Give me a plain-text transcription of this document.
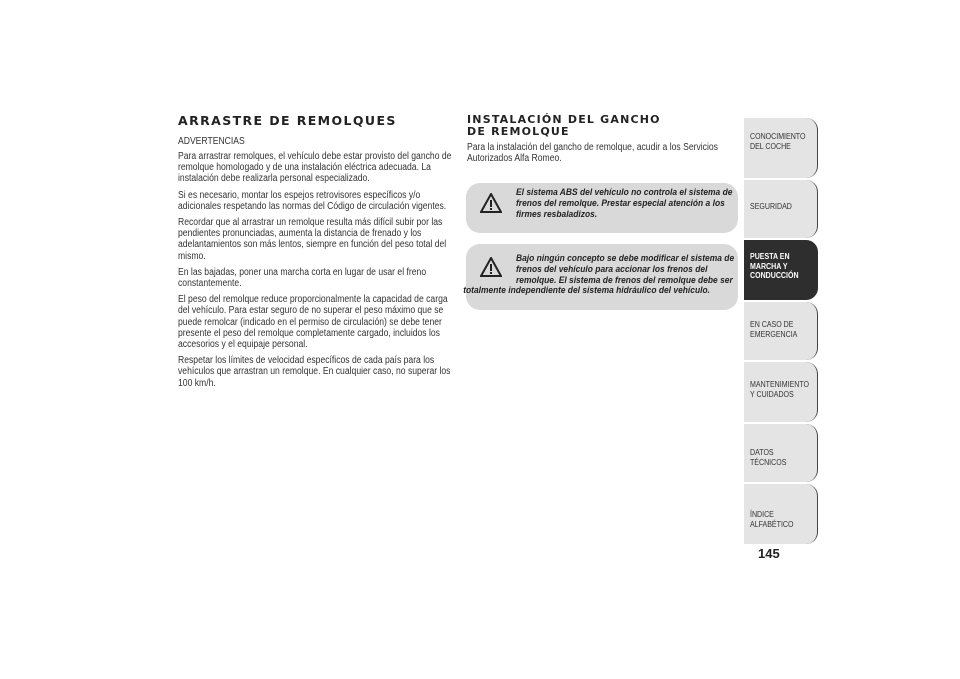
ARRASTRE DE REMOLQUES
ADVERTENCIAS
Para arrastrar remolques, el vehículo debe estar provisto del gancho de remolque homologado y de una instalación eléctrica adecuada. La instalación debe realizarla personal especializado.
Si es necesario, montar los espejos retrovisores específicos y/o adicionales respetando las normas del Código de circulación vigentes.
Recordar que al arrastrar un remolque resulta más difícil subir por las pendientes pronunciadas, aumenta la distancia de frenado y los adelantamientos son más lentos, siempre en función del peso total del mismo.
En las bajadas, poner una marcha corta en lugar de usar el freno constantemente.
El peso del remolque reduce proporcionalmente la capacidad de carga del vehículo. Para estar seguro de no superar el peso máximo que se puede remolcar (indicado en el permiso de circulación) se debe tener presente el peso del remolque completamente cargado, incluidos los accesorios y el equipaje personal.
Respetar los límites de velocidad específicos de cada país para los vehículos que arrastran un remolque. En cualquier caso, no superar los 100 km/h.
INSTALACIÓN DEL GANCHO
DE REMOLQUE
Para la instalación del gancho de remolque, acudir a los Servicios Autorizados Alfa Romeo.
El sistema ABS del vehículo no controla el sistema de frenos del remolque. Prestar especial atención a los firmes resbaladizos.
Bajo ningún concepto se debe modificar el sistema de frenos del vehículo para accionar los frenos del remolque. El sistema de frenos del remolque debe ser
totalmente independiente del sistema hidráulico del vehículo.
CONOCIMIENTO DEL COCHE
SEGURIDAD
PUESTA EN MARCHA Y CONDUCCIÓN
EN CASO DE EMERGENCIA
MANTENIMIENTO Y CUIDADOS
DATOS TÉCNICOS
ÍNDICE ALFABÉTICO
145
